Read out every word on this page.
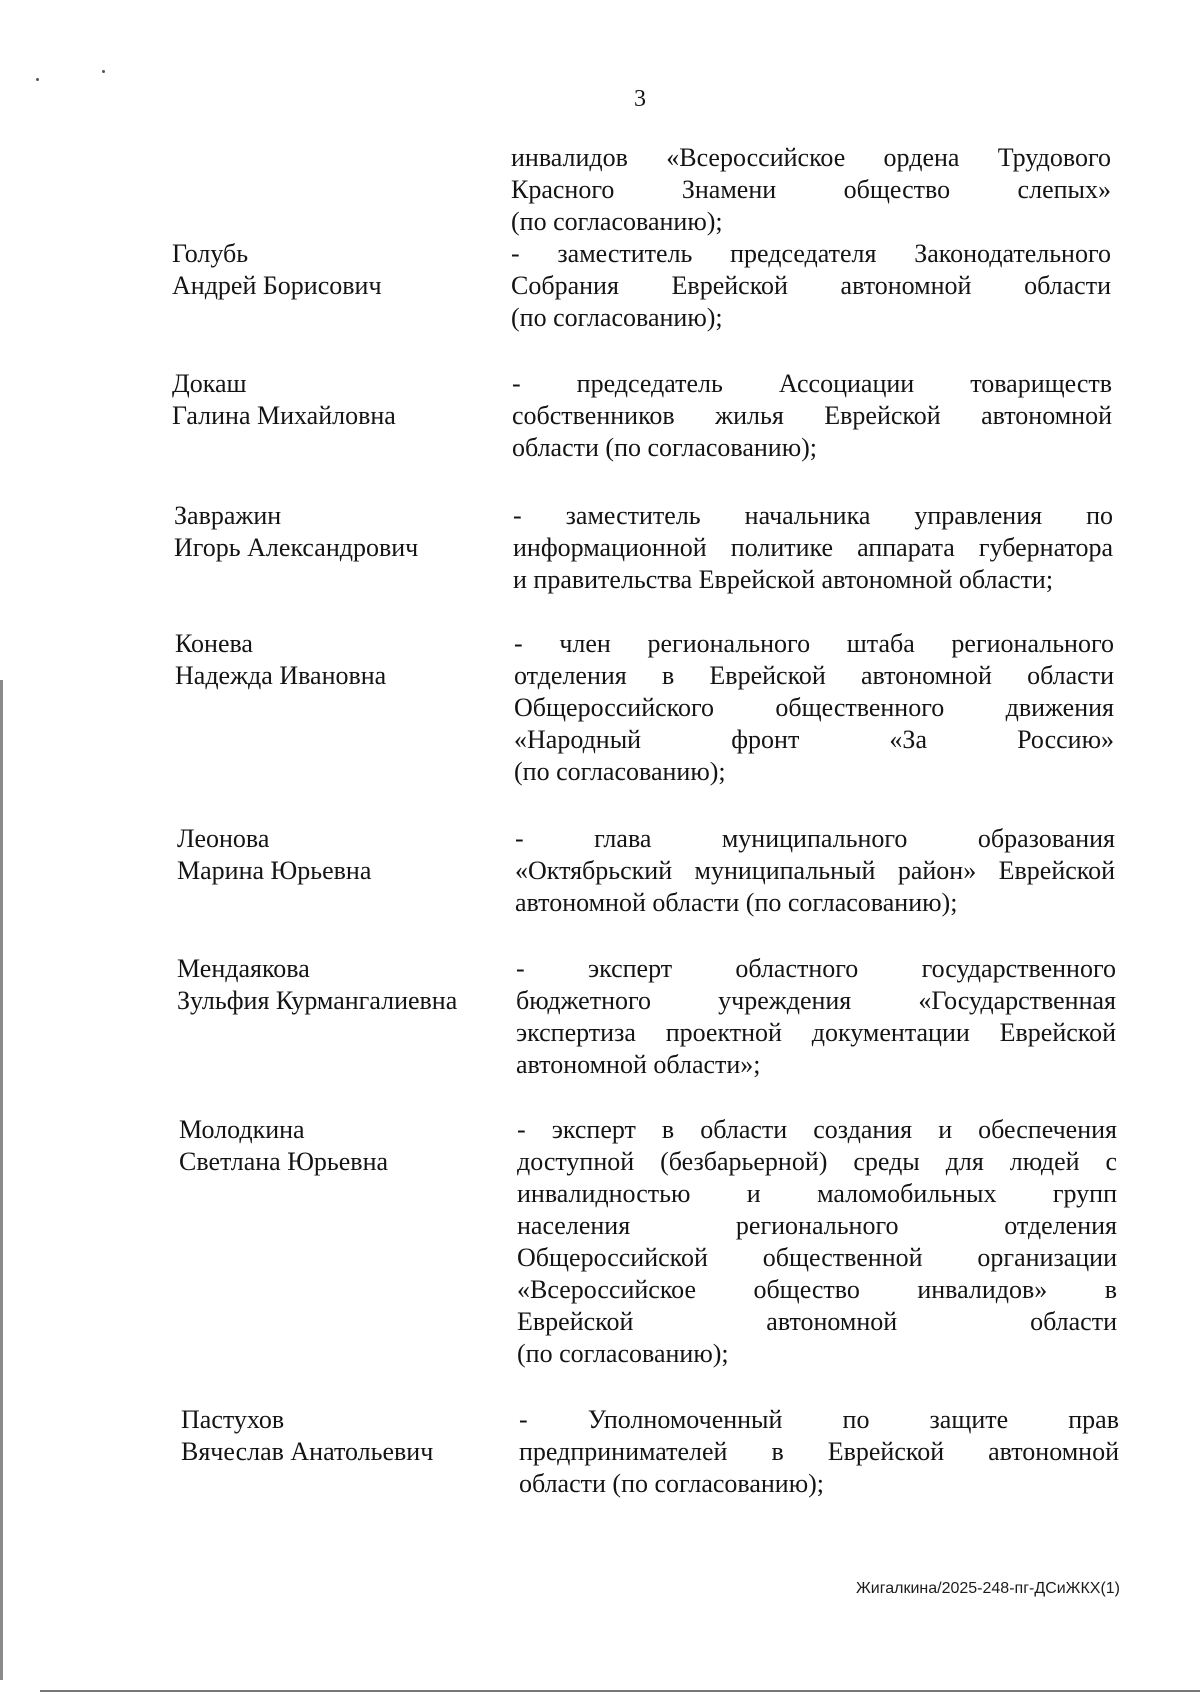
3
инвалидов «Всероссийское ордена Трудового
Красного Знамени общество слепых»
(по согласованию);
Голубь
Андрей Борисович
- заместитель председателя Законодательного
Собрания Еврейской автономной области
(по согласованию);
Докаш
Галина Михайловна
- председатель Ассоциации товариществ
собственников жилья Еврейской автономной
области (по согласованию);
Завражин
Игорь Александрович
- заместитель начальника управления по
информационной политике аппарата губернатора
и правительства Еврейской автономной области;
Конева
Надежда Ивановна
- член регионального штаба регионального
отделения в Еврейской автономной области
Общероссийского общественного движения
«Народный фронт «За Россию»
(по согласованию);
Леонова
Марина Юрьевна
- глава муниципального образования
«Октябрьский муниципальный район» Еврейской
автономной области (по согласованию);
Мендаякова
Зульфия Курмангалиевна
- эксперт областного государственного
бюджетного учреждения «Государственная
экспертиза проектной документации Еврейской
автономной области»;
Молодкина
Светлана Юрьевна
- эксперт в области создания и обеспечения
доступной (безбарьерной) среды для людей с
инвалидностью и маломобильных групп
населения регионального отделения
Общероссийской общественной организации
«Всероссийское общество инвалидов» в
Еврейской автономной области
(по согласованию);
Пастухов
Вячеслав Анатольевич
- Уполномоченный по защите прав
предпринимателей в Еврейской автономной
области (по согласованию);
Жигалкина/2025-248-пг-ДСиЖКХ(1)
